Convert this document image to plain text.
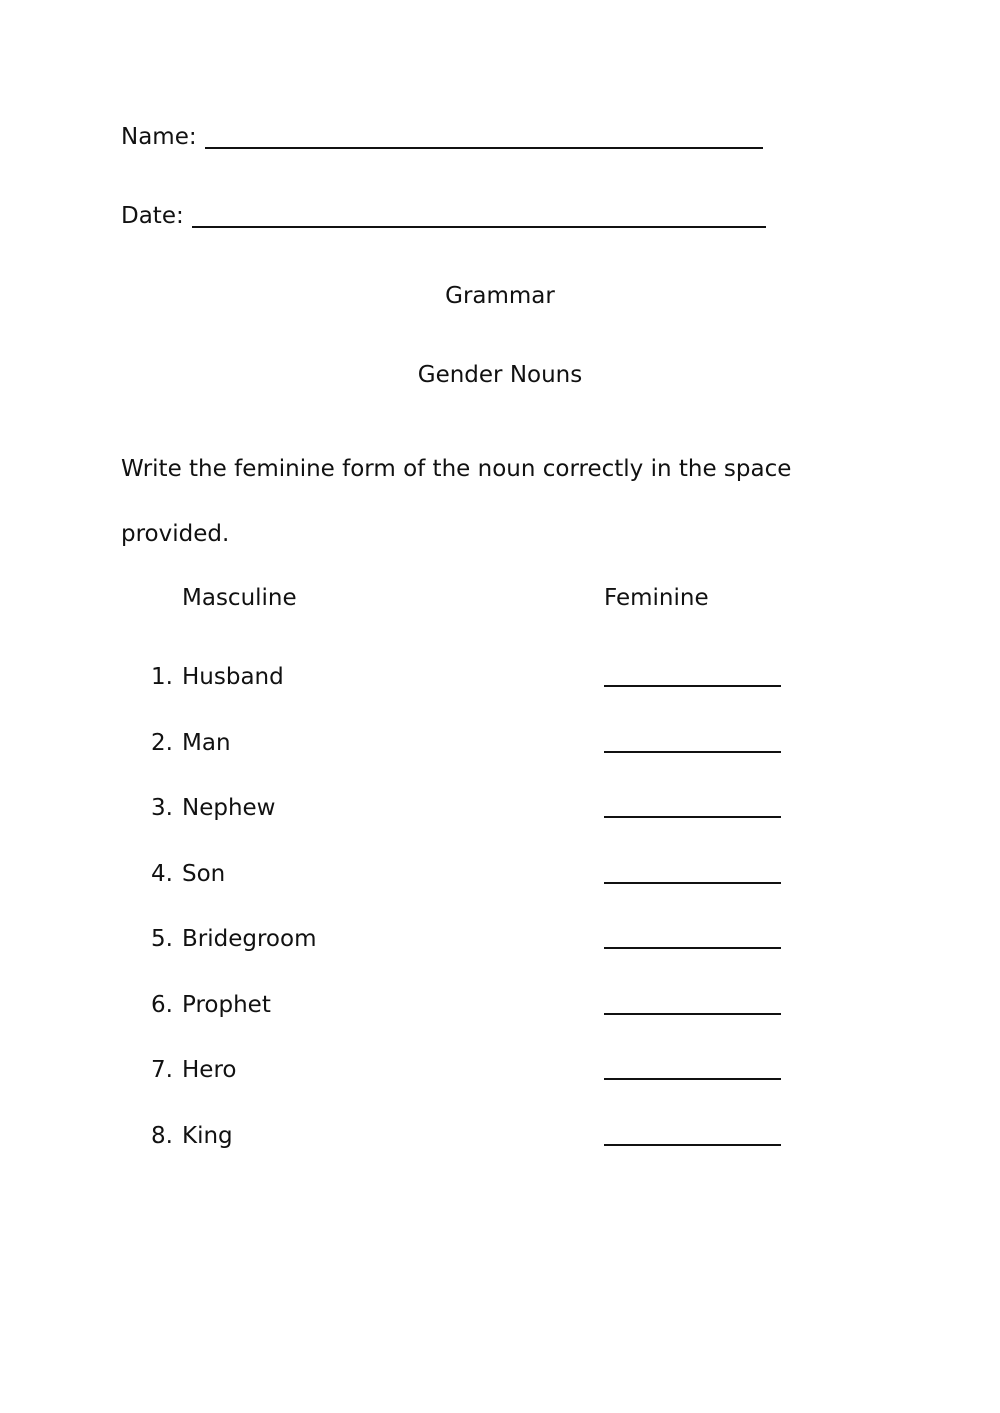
Name:
Date:
Grammar
Gender Nouns

Write the feminine form of the noun correctly in the space

provided.

Masculine	Feminine
1. Husband
2. Man
3. Nephew
4. Son
5. Bridegroom
6. Prophet
7. Hero
8. King
